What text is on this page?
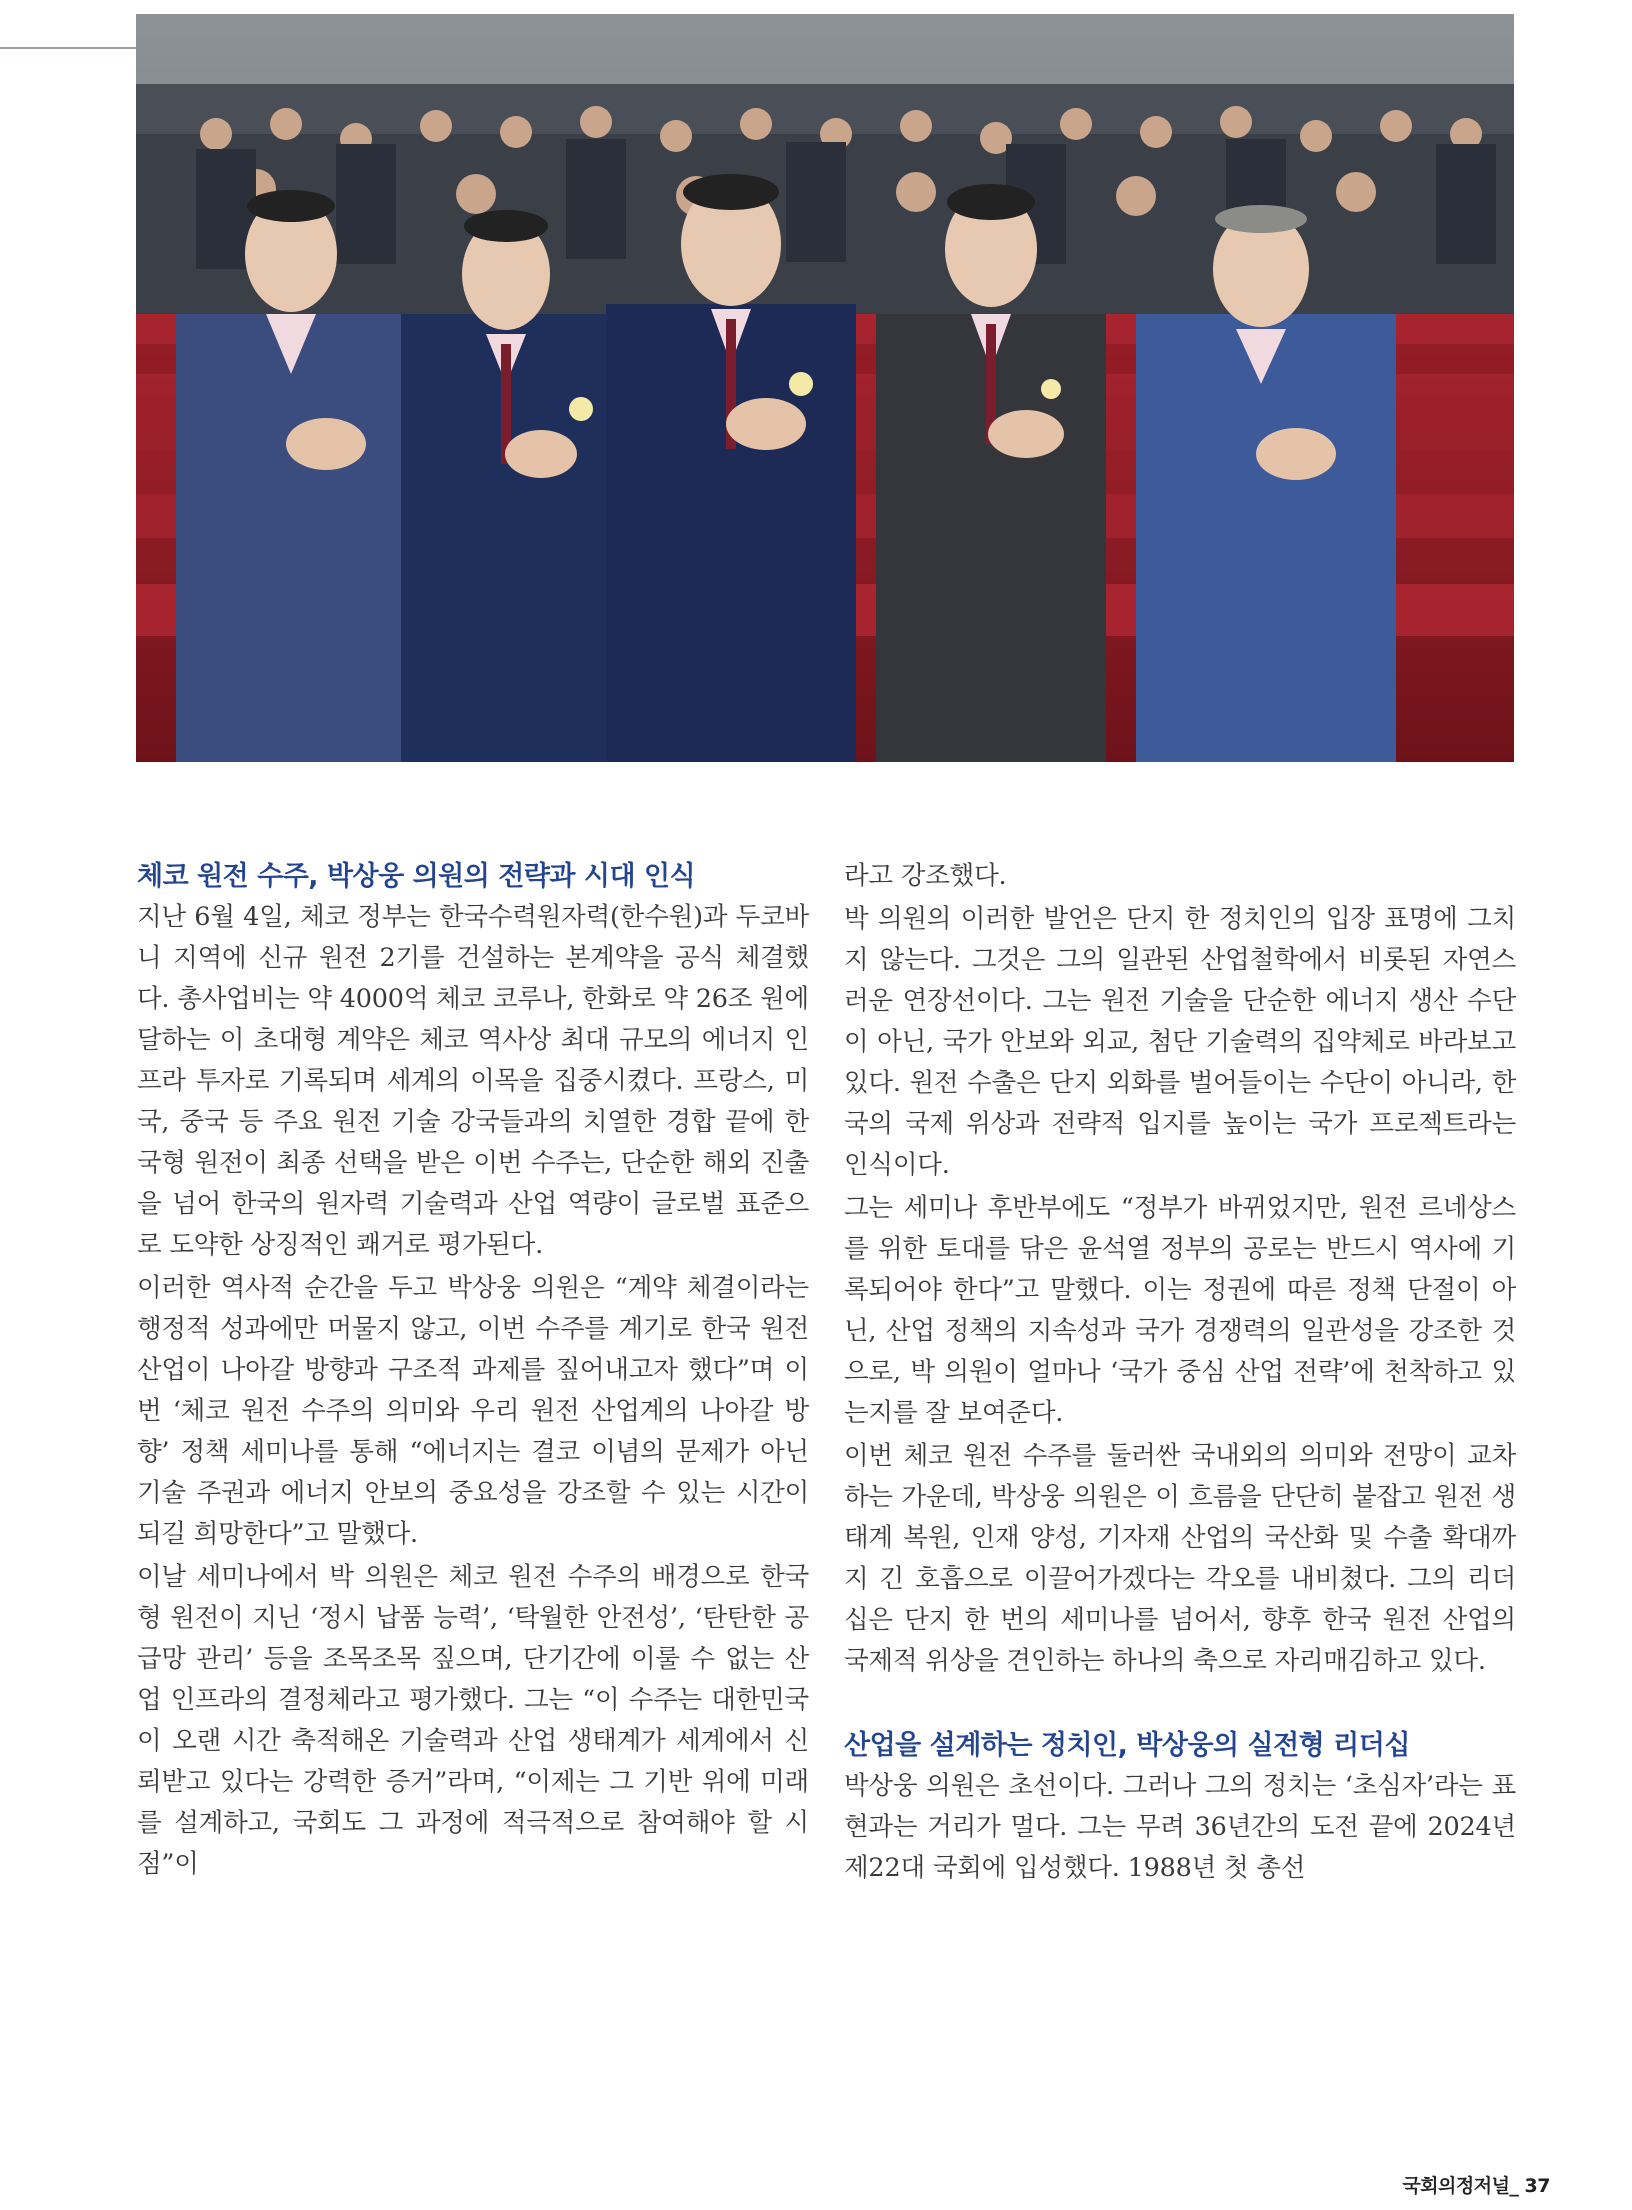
체코 원전 수주, 박상웅 의원의 전략과 시대 인식

지난 6월 4일, 체코 정부는 한국수력원자력(한수원)과 두코바니 지역에 신규 원전 2기를 건설하는 본계약을 공식 체결했다. 총사업비는 약 4000억 체코 코루나, 한화로 약 26조 원에 달하는 이 초대형 계약은 체코 역사상 최대 규모의 에너지 인프라 투자로 기록되며 세계의 이목을 집중시켰다. 프랑스, 미국, 중국 등 주요 원전 기술 강국들과의 치열한 경합 끝에 한국형 원전이 최종 선택을 받은 이번 수주는, 단순한 해외 진출을 넘어 한국의 원자력 기술력과 산업 역량이 글로벌 표준으로 도약한 상징적인 쾌거로 평가된다.

이러한 역사적 순간을 두고 박상웅 의원은 “계약 체결이라는 행정적 성과에만 머물지 않고, 이번 수주를 계기로 한국 원전 산업이 나아갈 방향과 구조적 과제를 짚어내고자 했다”며 이번 ‘체코 원전 수주의 의미와 우리 원전 산업계의 나아갈 방향’ 정책 세미나를 통해 “에너지는 결코 이념의 문제가 아닌 기술 주권과 에너지 안보의 중요성을 강조할 수 있는 시간이 되길 희망한다”고 말했다.

이날 세미나에서 박 의원은 체코 원전 수주의 배경으로 한국형 원전이 지닌 ‘정시 납품 능력’, ‘탁월한 안전성’, ‘탄탄한 공급망 관리’ 등을 조목조목 짚으며, 단기간에 이룰 수 없는 산업 인프라의 결정체라고 평가했다. 그는 “이 수주는 대한민국이 오랜 시간 축적해온 기술력과 산업 생태계가 세계에서 신뢰받고 있다는 강력한 증거”라며, “이제는 그 기반 위에 미래를 설계하고, 국회도 그 과정에 적극적으로 참여해야 할 시점”이

라고 강조했다.

박 의원의 이러한 발언은 단지 한 정치인의 입장 표명에 그치지 않는다. 그것은 그의 일관된 산업철학에서 비롯된 자연스러운 연장선이다. 그는 원전 기술을 단순한 에너지 생산 수단이 아닌, 국가 안보와 외교, 첨단 기술력의 집약체로 바라보고 있다. 원전 수출은 단지 외화를 벌어들이는 수단이 아니라, 한국의 국제 위상과 전략적 입지를 높이는 국가 프로젝트라는 인식이다.

그는 세미나 후반부에도 “정부가 바뀌었지만, 원전 르네상스를 위한 토대를 닦은 윤석열 정부의 공로는 반드시 역사에 기록되어야 한다”고 말했다. 이는 정권에 따른 정책 단절이 아닌, 산업 정책의 지속성과 국가 경쟁력의 일관성을 강조한 것으로, 박 의원이 얼마나 ‘국가 중심 산업 전략’에 천착하고 있는지를 잘 보여준다.

이번 체코 원전 수주를 둘러싼 국내외의 의미와 전망이 교차하는 가운데, 박상웅 의원은 이 흐름을 단단히 붙잡고 원전 생태계 복원, 인재 양성, 기자재 산업의 국산화 및 수출 확대까지 긴 호흡으로 이끌어가겠다는 각오를 내비쳤다. 그의 리더십은 단지 한 번의 세미나를 넘어서, 향후 한국 원전 산업의 국제적 위상을 견인하는 하나의 축으로 자리매김하고 있다.

산업을 설계하는 정치인, 박상웅의 실전형 리더십

박상웅 의원은 초선이다. 그러나 그의 정치는 ‘초심자’라는 표현과는 거리가 멀다. 그는 무려 36년간의 도전 끝에 2024년 제22대 국회에 입성했다. 1988년 첫 총선

국회의정저널_ 37
